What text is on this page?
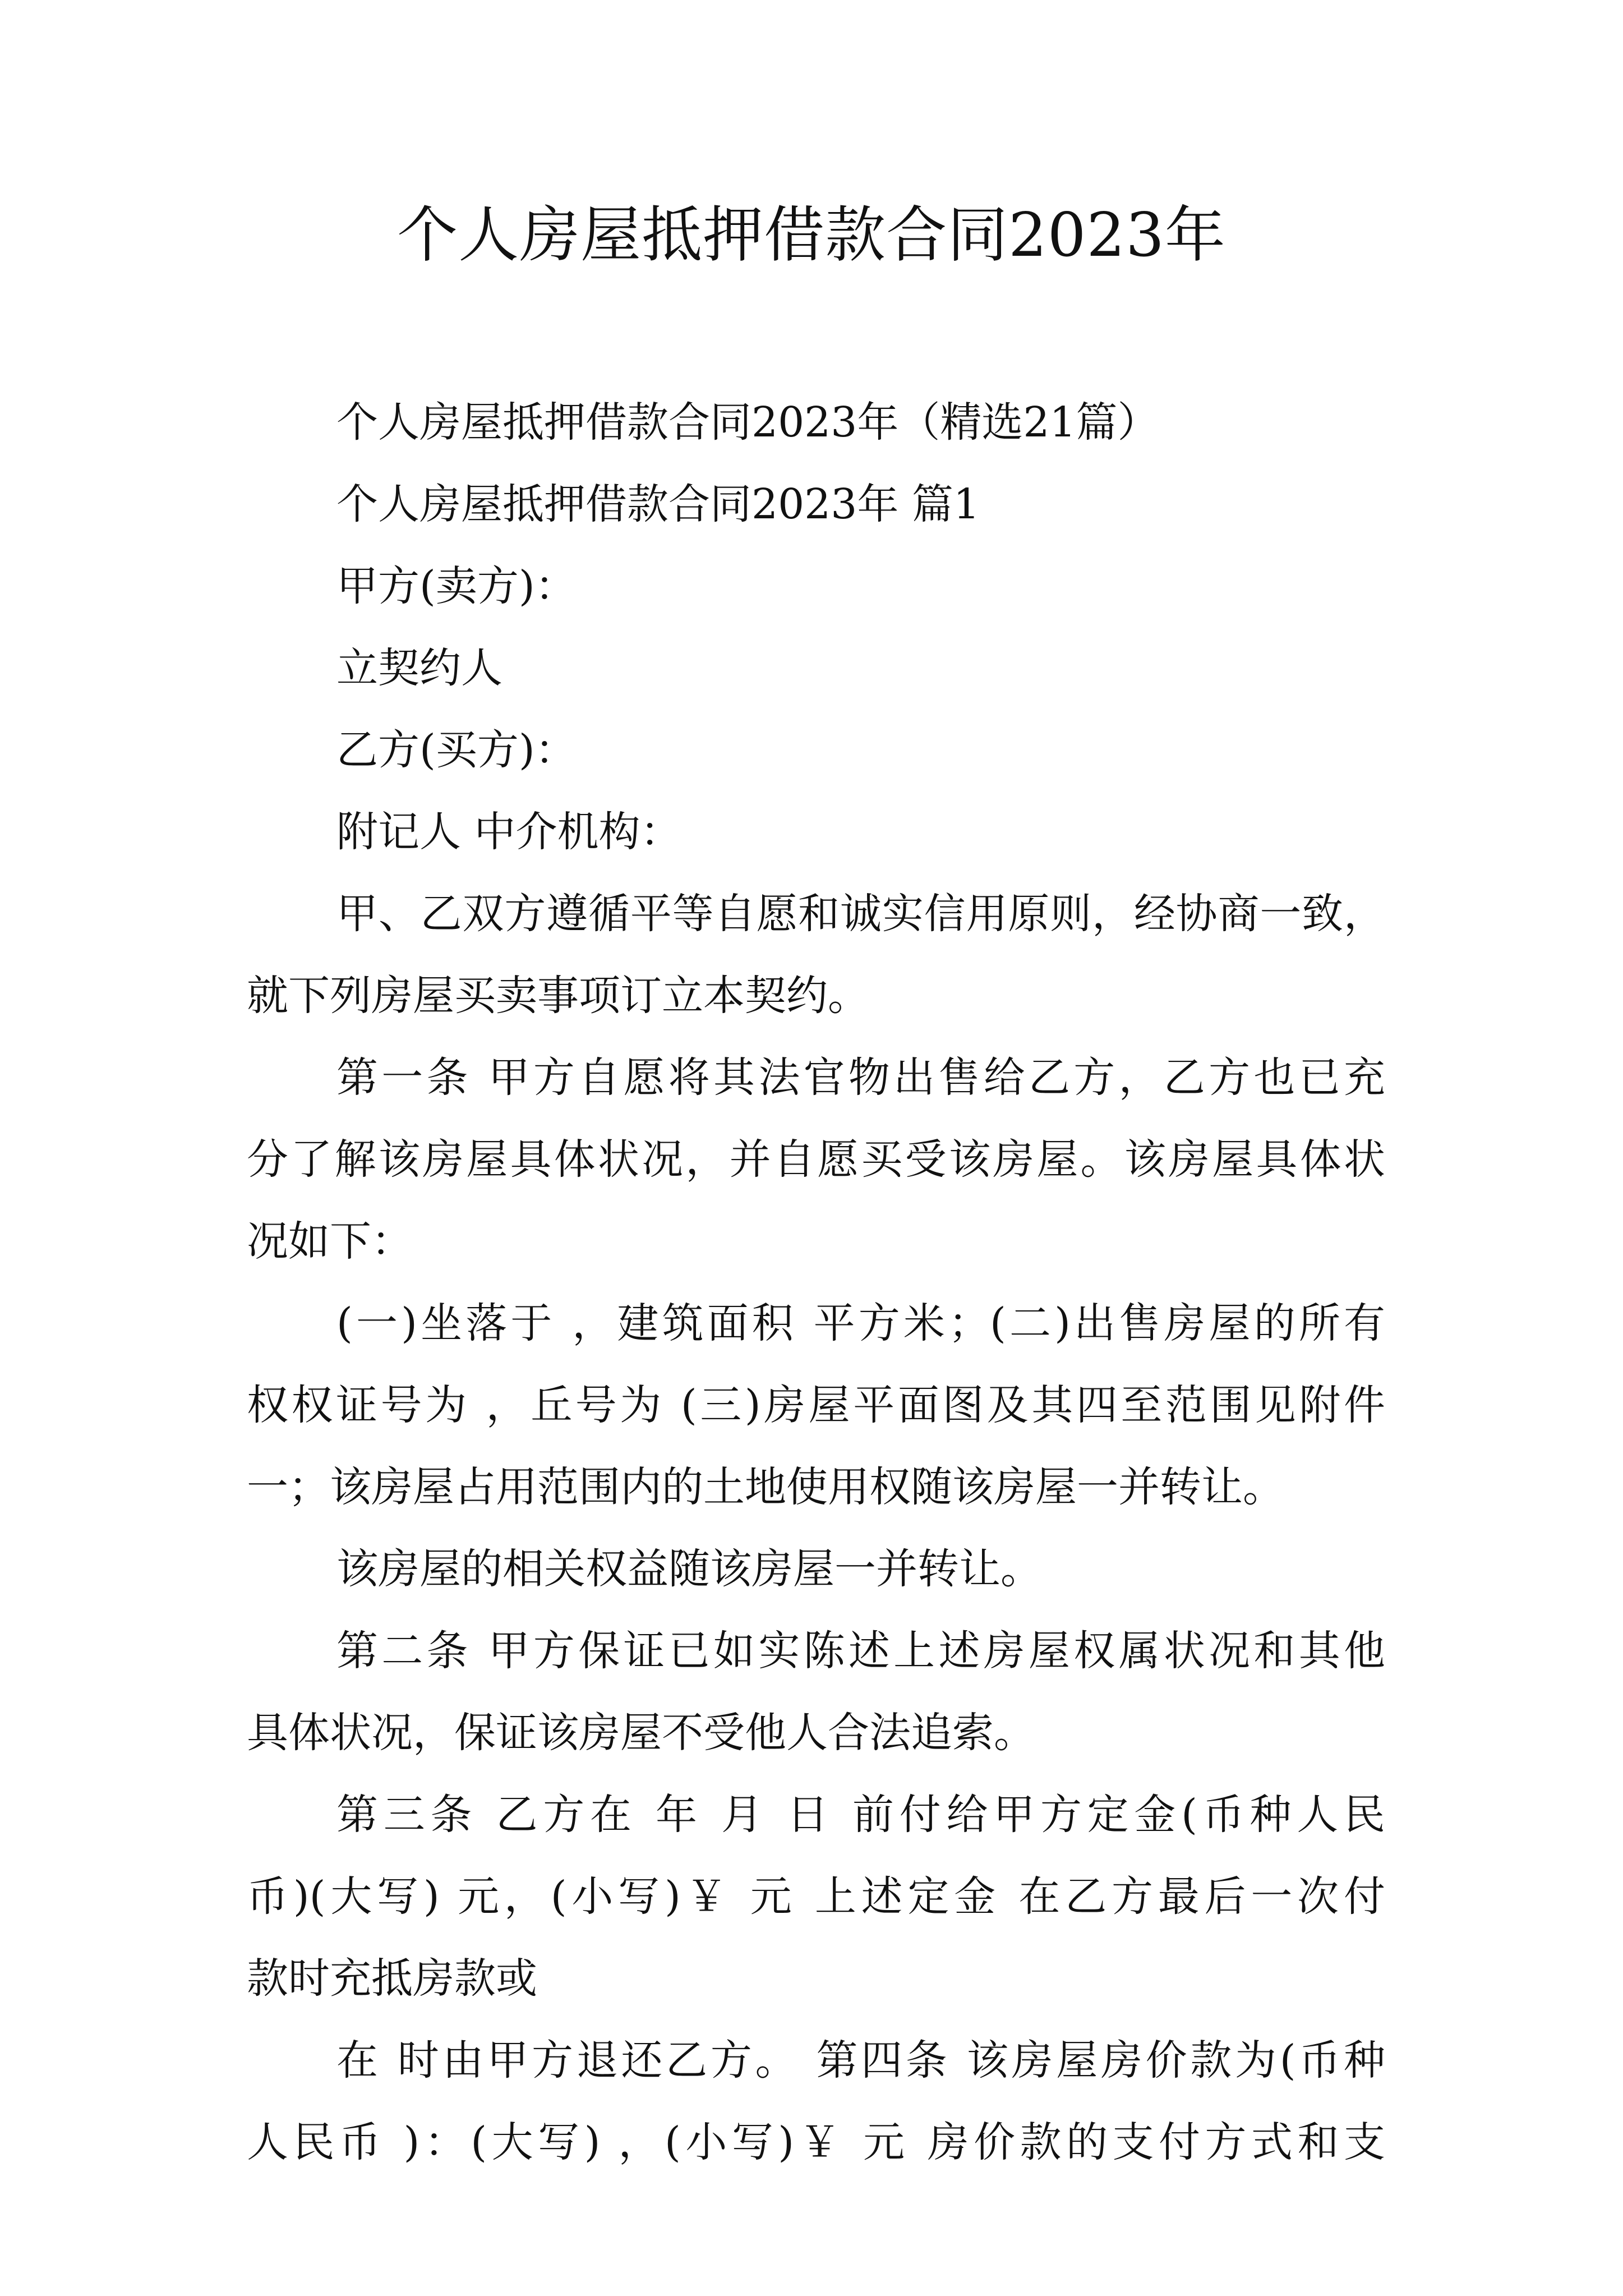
个人房屋抵押借款合同2023年
个人房屋抵押借款合同2023年（精选21篇）
个人房屋抵押借款合同2023年 篇1
甲方(卖方)：
立契约人
乙方(买方)：
附记人 中介机构：
甲、乙双方遵循平等自愿和诚实信用原则，经协商一致，
就下列房屋买卖事项订立本契约。
第一条 甲方自愿将其法官物出售给乙方，乙方也已充
分了解该房屋具体状况，并自愿买受该房屋。该房屋具体状
况如下：
(一)坐落于 ，建筑面积 平方米；(二)出售房屋的所有
权权证号为 ，丘号为 (三)房屋平面图及其四至范围见附件
一；该房屋占用范围内的土地使用权随该房屋一并转让。
该房屋的相关权益随该房屋一并转让。
第二条 甲方保证已如实陈述上述房屋权属状况和其他
具体状况，保证该房屋不受他人合法追索。
第三条 乙方在 年 月 日 前付给甲方定金(币种人民
币)(大写) 元，(小写)￥ 元 上述定金 在乙方最后一次付
款时充抵房款或
在 时由甲方退还乙方。 第四条 该房屋房价款为(币种
人民币 )：(大写) ，(小写)￥ 元 房价款的支付方式和支
